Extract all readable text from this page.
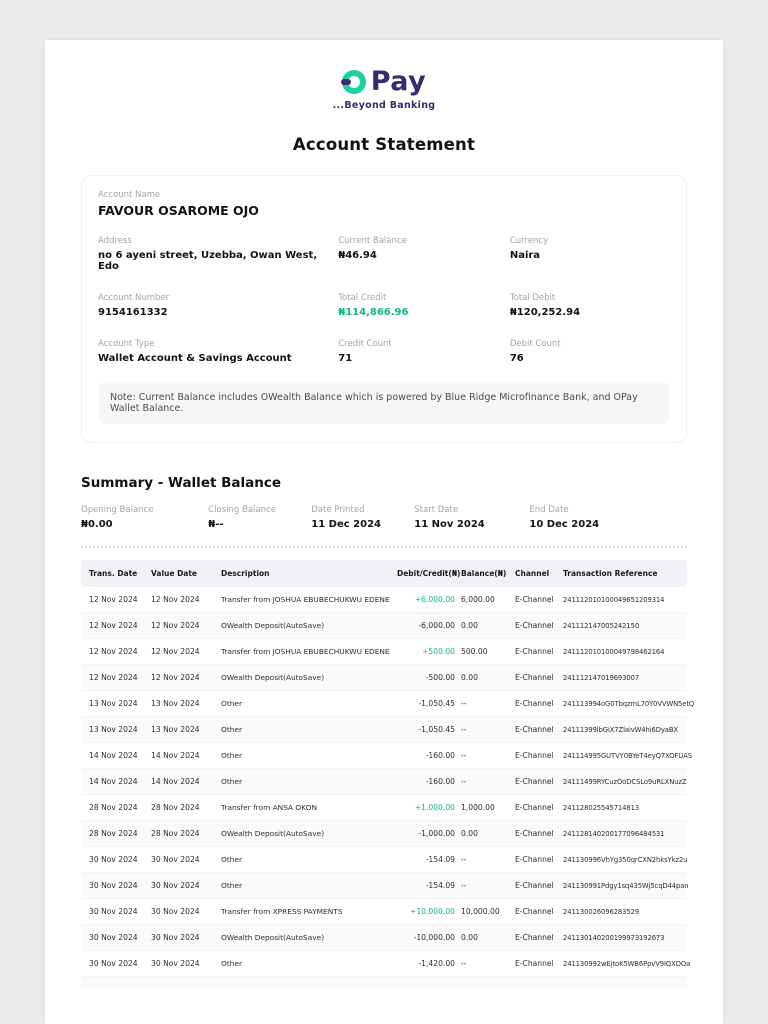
Pay
...Beyond Banking
Account Statement
Account Name
FAVOUR OSAROME OJO
Address
no 6 ayeni street, Uzebba, Owan West, Edo
Current Balance
₦46.94
Currency
Naira
Account Number
9154161332
Total Credit
₦114,866.96
Total Debit
₦120,252.94
Account Type
Wallet Account & Savings Account
Credit Count
71
Debit Count
76
Note: Current Balance includes OWealth Balance which is powered by Blue Ridge Microfinance Bank, and OPay Wallet Balance.
Summary - Wallet Balance
Opening Balance
₦0.00
Closing Balance
₦--
Date Printed
11 Dec 2024
Start Date
11 Nov 2024
End Date
10 Dec 2024
Trans. Date	Value Date	Description	Debit/Credit(₦) Balance(₦)	Channel	Transaction Reference
12 Nov 2024	12 Nov 2024	Transfer from JOSHUA EBUBECHUKWU EDENE	+6,000.00 6,000.00	E-Channel	241112010100049651209314
12 Nov 2024	12 Nov 2024	OWealth Deposit(AutoSave)	-6,000.00 0.00	E-Channel	241112147005242150
12 Nov 2024	12 Nov 2024	Transfer from JOSHUA EBUBECHUKWU EDENE	+500.00 500.00	E-Channel	241112010100049798462164
12 Nov 2024	12 Nov 2024	OWealth Deposit(AutoSave)	-500.00 0.00	E-Channel	241112147019693007
13 Nov 2024	13 Nov 2024	Other	-1,050.45 --	E-Channel	241113994oG0TbqzmL70Y0VVWN5etQ
13 Nov 2024	13 Nov 2024	Other	-1,050.45 --	E-Channel	24111399lbGiX7ZlaivW4hi6DyaBX
14 Nov 2024	14 Nov 2024	Other	-160.00 --	E-Channel	241114995GUTVY0BYeT4eyQ7XOFUAS
14 Nov 2024	14 Nov 2024	Other	-160.00 --	E-Channel	24111499RYCuzOoDCSLo9uRLXNuzZ
28 Nov 2024	28 Nov 2024	Transfer from ANSA OKON	+1,000.00 1,000.00	E-Channel	241128025545714813
28 Nov 2024	28 Nov 2024	OWealth Deposit(AutoSave)	-1,000.00 0.00	E-Channel	241128140200177096484531
30 Nov 2024	30 Nov 2024	Other	-154.09 --	E-Channel	241130996VhYg350qrCXN2hksYkz2u
30 Nov 2024	30 Nov 2024	Other	-154.09 --	E-Channel	241130991Pdgy1sq435Wj5cqD44pan
30 Nov 2024	30 Nov 2024	Transfer from XPRESS PAYMENTS	+10,000.00 10,000.00	E-Channel	241130026096283529
30 Nov 2024	30 Nov 2024	OWealth Deposit(AutoSave)	-10,000.00 0.00	E-Channel	241130140200199973192673
30 Nov 2024	30 Nov 2024	Other	-1,420.00 --	E-Channel	241130992wEjtoK5WB6PpvV9IQXDOa
